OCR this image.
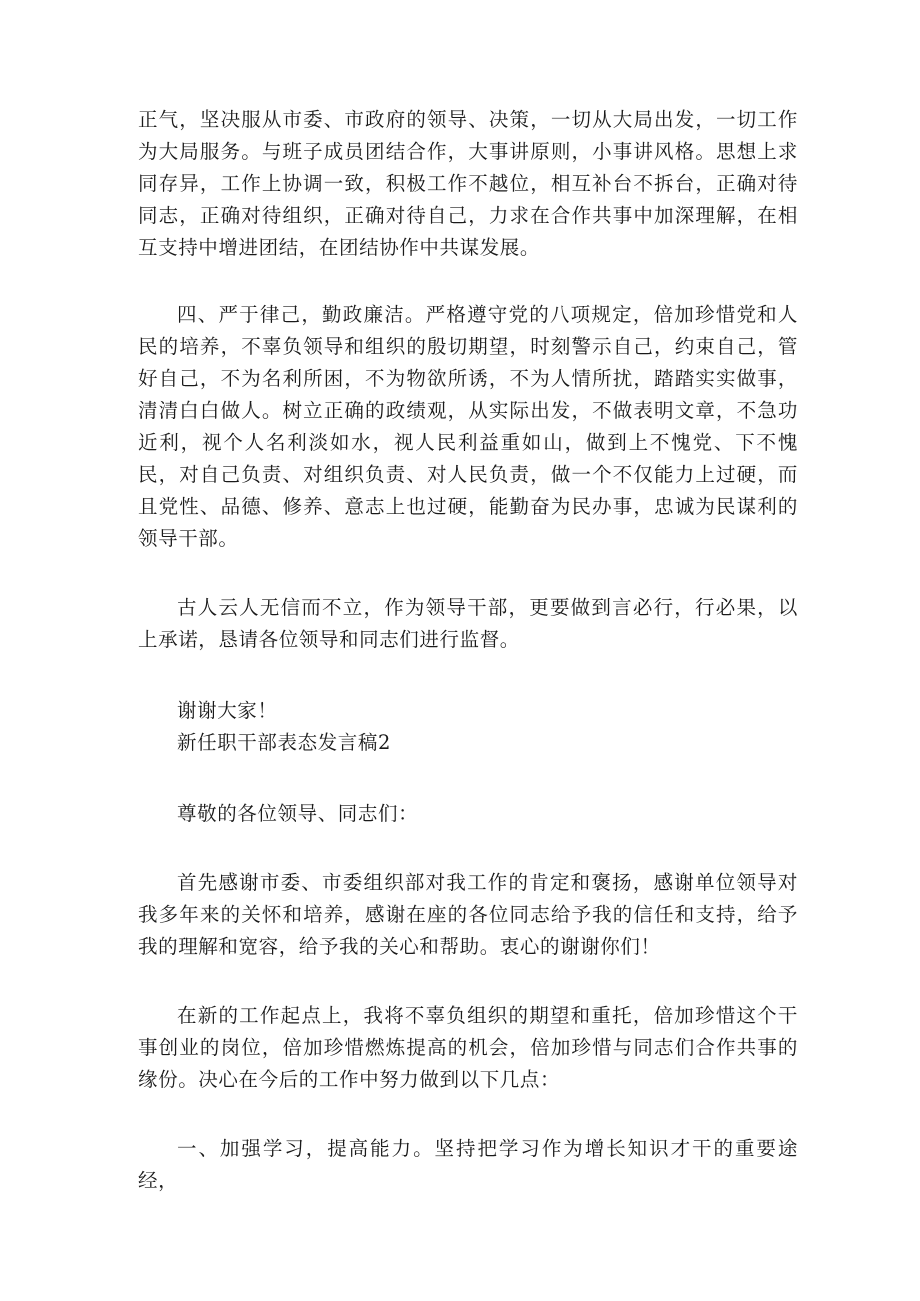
正气，坚决服从市委、市政府的领导、决策，一切从大局出发，一切工作为大局服务。与班子成员团结合作，大事讲原则，小事讲风格。思想上求同存异，工作上协调一致，积极工作不越位，相互补台不拆台，正确对待同志，正确对待组织，正确对待自己，力求在合作共事中加深理解，在相互支持中增进团结，在团结协作中共谋发展。

四、严于律己，勤政廉洁。严格遵守党的八项规定，倍加珍惜党和人民的培养，不辜负领导和组织的殷切期望，时刻警示自己，约束自己，管好自己，不为名利所困，不为物欲所诱，不为人情所扰，踏踏实实做事，清清白白做人。树立正确的政绩观，从实际出发，不做表明文章，不急功近利，视个人名利淡如水，视人民利益重如山，做到上不愧党、下不愧民，对自己负责、对组织负责、对人民负责，做一个不仅能力上过硬，而且党性、品德、修养、意志上也过硬，能勤奋为民办事，忠诚为民谋利的领导干部。

古人云人无信而不立，作为领导干部，更要做到言必行，行必果，以上承诺，恳请各位领导和同志们进行监督。

谢谢大家！

新任职干部表态发言稿2

尊敬的各位领导、同志们：

首先感谢市委、市委组织部对我工作的肯定和褒扬，感谢单位领导对我多年来的关怀和培养，感谢在座的各位同志给予我的信任和支持，给予我的理解和宽容，给予我的关心和帮助。衷心的谢谢你们！

在新的工作起点上，我将不辜负组织的期望和重托，倍加珍惜这个干事创业的岗位，倍加珍惜燃炼提高的机会，倍加珍惜与同志们合作共事的缘份。决心在今后的工作中努力做到以下几点：

一、加强学习，提高能力。坚持把学习作为增长知识才干的重要途经，
